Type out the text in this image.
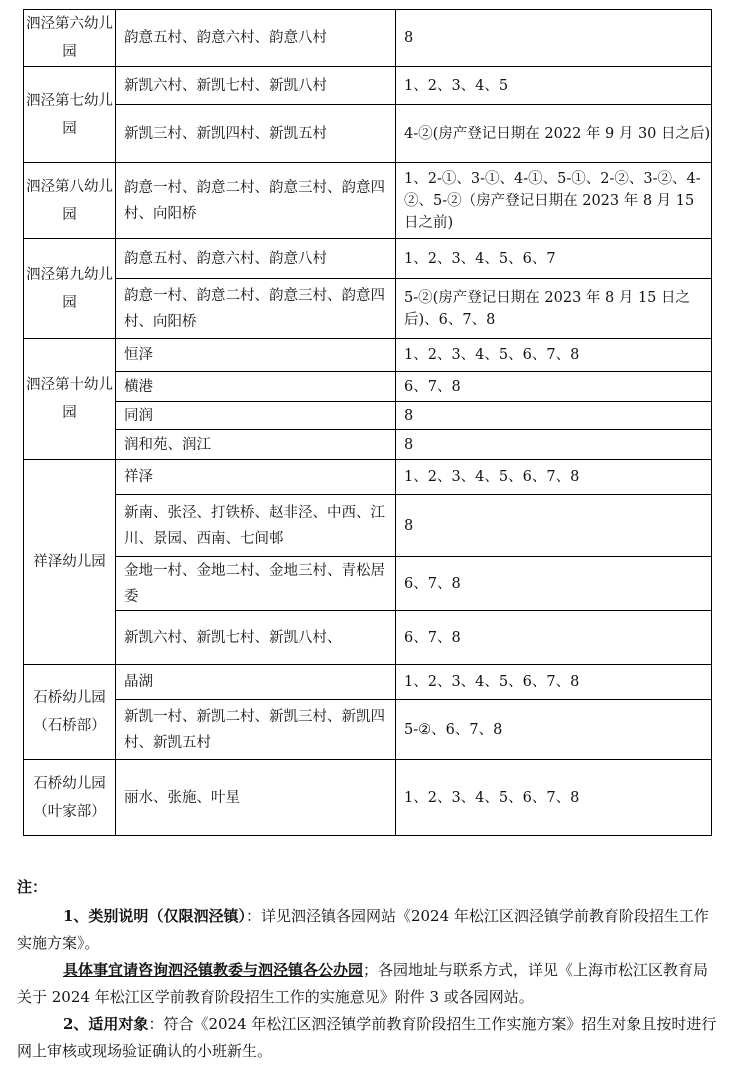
泗泾第六幼儿园	韵意五村、韵意六村、韵意八村	8
泗泾第七幼儿园	新凯六村、新凯七村、新凯八村	1、2、3、4、5
	新凯三村、新凯四村、新凯五村	4-②(房产登记日期在 2022 年 9 月 30 日之后)
泗泾第八幼儿园	韵意一村、韵意二村、韵意三村、韵意四村、向阳桥	1、2-①、3-①、4-①、5-①、2-②、3-②、4-②、5-②（房产登记日期在 2023 年 8 月 15 日之前)
泗泾第九幼儿园	韵意五村、韵意六村、韵意八村	1、2、3、4、5、6、7
	韵意一村、韵意二村、韵意三村、韵意四村、向阳桥	5-②(房产登记日期在 2023 年 8 月 15 日之后)、6、7、8
泗泾第十幼儿园	恒泽	1、2、3、4、5、6、7、8
	横港	6、7、8
	同润	8
	润和苑、润江	8
祥泽幼儿园	祥泽	1、2、3、4、5、6、7、8
	新南、张泾、打铁桥、赵非泾、中西、江川、景园、西南、七间邨	8
	金地一村、金地二村、金地三村、青松居委	6、7、8
	新凯六村、新凯七村、新凯八村、	6、7、8
石桥幼儿园（石桥部）	晶湖	1、2、3、4、5、6、7、8
	新凯一村、新凯二村、新凯三村、新凯四村、新凯五村	5-②、6、7、8
石桥幼儿园（叶家部）	丽水、张施、叶星	1、2、3、4、5、6、7、8

注：

1、类别说明（仅限泗泾镇）：详见泗泾镇各园网站《2024 年松江区泗泾镇学前教育阶段招生工作实施方案》。

具体事宜请咨询泗泾镇教委与泗泾镇各公办园；各园地址与联系方式，详见《上海市松江区教育局关于 2024 年松江区学前教育阶段招生工作的实施意见》附件 3 或各园网站。

2、适用对象：符合《2024 年松江区泗泾镇学前教育阶段招生工作实施方案》招生对象且按时进行网上审核或现场验证确认的小班新生。
